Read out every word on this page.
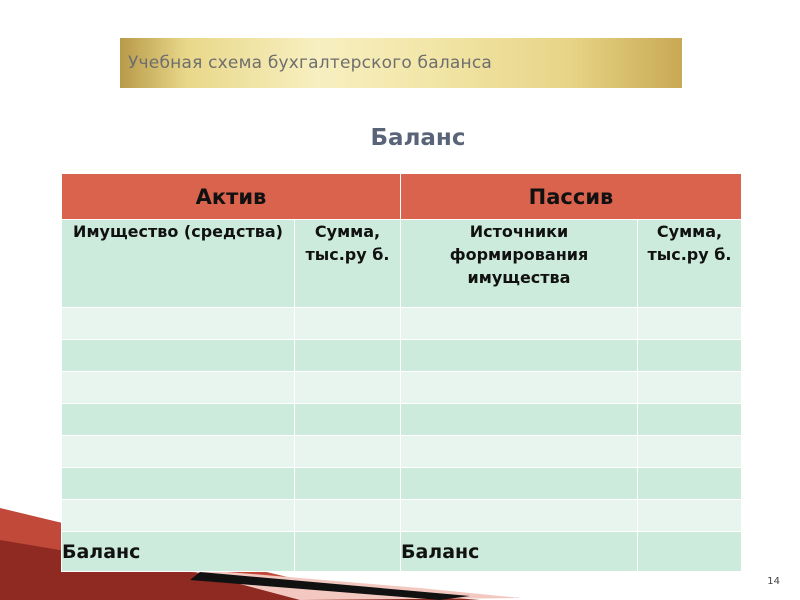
Учебная схема бухгалтерского баланса
Баланс
Актив		Пассив	
Имущество (средства)	Сумма, тыс.ру б.	Источники формирования имущества	Сумма, тыс.ру б.

Баланс		Баланс	
14
